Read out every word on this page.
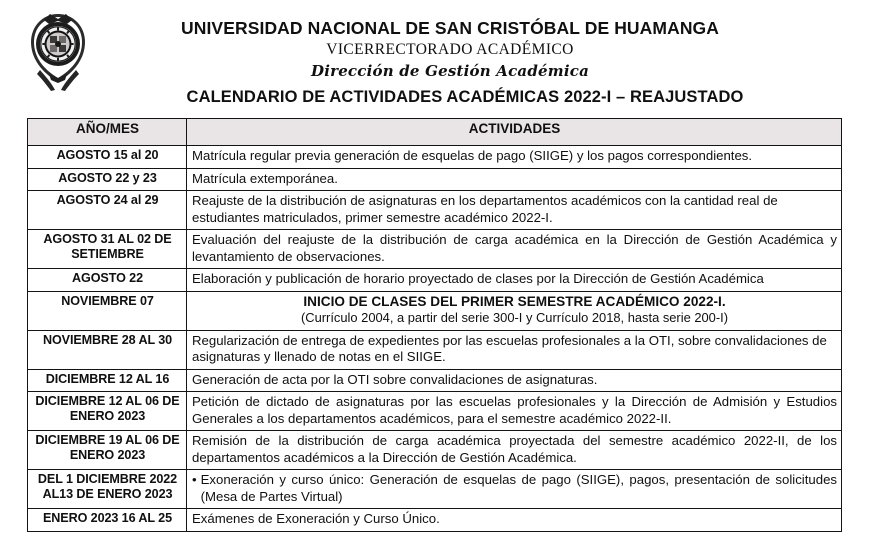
UNIVERSIDAD NACIONAL DE SAN CRISTÓBAL DE HUAMANGA
VICERRECTORADO ACADÉMICO
Dirección de Gestión Académica
CALENDARIO DE ACTIVIDADES ACADÉMICAS 2022-I – REAJUSTADO
AÑO/MES	ACTIVIDADES
AGOSTO 15 al 20	Matrícula regular previa generación de esquelas de pago (SIIGE) y los pagos correspondientes.
AGOSTO 22 y 23	Matrícula extemporánea.
AGOSTO 24 al 29	Reajuste de la distribución de asignaturas en los departamentos académicos con la cantidad real de estudiantes matriculados, primer semestre académico 2022-I.
AGOSTO 31 AL 02 DE SETIEMBRE	Evaluación del reajuste de la distribución de carga académica en la Dirección de Gestión Académica y levantamiento de observaciones.
AGOSTO 22	Elaboración y publicación de horario proyectado de clases por la Dirección de Gestión Académica
NOVIEMBRE 07	INICIO DE CLASES DEL PRIMER SEMESTRE ACADÉMICO 2022-I.
(Currículo 2004, a partir del serie 300-I y Currículo 2018, hasta serie 200-I)

NOVIEMBRE 28 AL 30	Regularización de entrega de expedientes por las escuelas profesionales a la OTI, sobre convalidaciones de asignaturas y llenado de notas en el SIIGE.
DICIEMBRE 12 AL 16	Generación de acta por la OTI sobre convalidaciones de asignaturas.
DICIEMBRE 12 AL 06 DE ENERO 2023	Petición de dictado de asignaturas por las escuelas profesionales y la Dirección de Admisión y Estudios Generales a los departamentos académicos, para el semestre académico 2022-II.
DICIEMBRE 19 AL 06 DE ENERO 2023	Remisión de la distribución de carga académica proyectada del semestre académico 2022-II, de los departamentos académicos a la Dirección de Gestión Académica.
DEL 1 DICIEMBRE 2022 AL13 DE ENERO 2023	• Exoneración y curso único: Generación de esquelas de pago (SIIGE), pagos, presentación de solicitudes (Mesa de Partes Virtual)

ENERO 2023 16 AL 25	Exámenes de Exoneración y Curso Único.
